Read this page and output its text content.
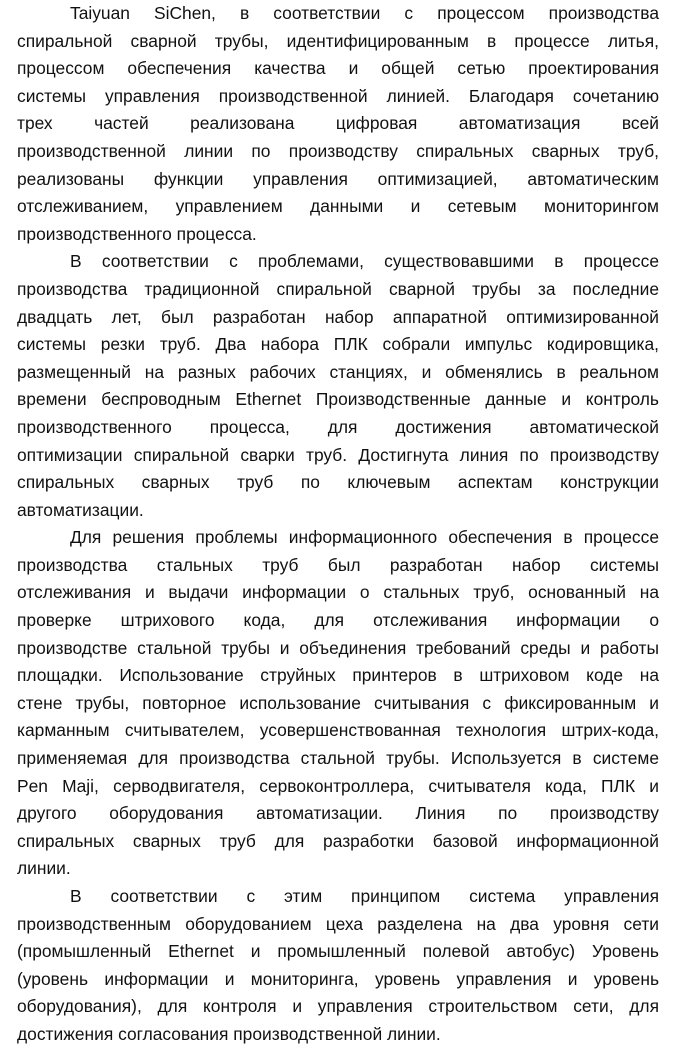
Taiyuan SiChen, в соответствии с процессом производства
спиральной сварной трубы, идентифицированным в процессе литья,
процессом обеспечения качества и общей сетью проектирования
системы управления производственной линией. Благодаря сочетанию
трех частей реализована цифровая автоматизация всей
производственной линии по производству спиральных сварных труб,
реализованы функции управления оптимизацией, автоматическим
отслеживанием, управлением данными и сетевым мониторингом
производственного процесса.
В соответствии с проблемами, существовавшими в процессе
производства традиционной спиральной сварной трубы за последние
двадцать лет, был разработан набор аппаратной оптимизированной
системы резки труб. Два набора ПЛК собрали импульс кодировщика,
размещенный на разных рабочих станциях, и обменялись в реальном
времени беспроводным Ethernet Производственные данные и контроль
производственного процесса, для достижения автоматической
оптимизации спиральной сварки труб. Достигнута линия по производству
спиральных сварных труб по ключевым аспектам конструкции
автоматизации.
Для решения проблемы информационного обеспечения в процессе
производства стальных труб был разработан набор системы
отслеживания и выдачи информации о стальных труб, основанный на
проверке штрихового кода, для отслеживания информации о
производстве стальной трубы и объединения требований среды и работы
площадки. Использование струйных принтеров в штриховом коде на
стене трубы, повторное использование считывания с фиксированным и
карманным считывателем, усовершенствованная технология штрих-кода,
применяемая для производства стальной трубы. Используется в системе
Pen Maji, серводвигателя, сервоконтроллера, считывателя кода, ПЛК и
другого оборудования автоматизации. Линия по производству
спиральных сварных труб для разработки базовой информационной
линии.
В соответствии с этим принципом система управления
производственным оборудованием цеха разделена на два уровня сети
(промышленный Ethernet и промышленный полевой автобус) Уровень
(уровень информации и мониторинга, уровень управления и уровень
оборудования), для контроля и управления строительством сети, для
достижения согласования производственной линии.
